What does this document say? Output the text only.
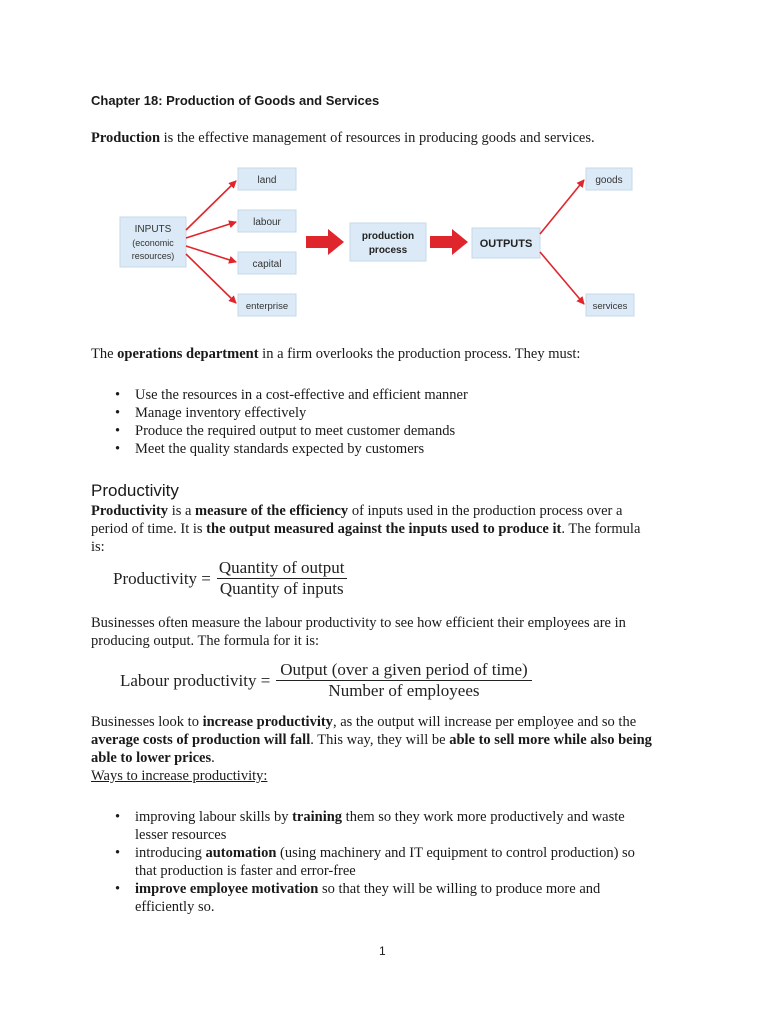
Chapter 18: Production of Goods and Services
Production is the effective management of resources in producing goods and services.
INPUTS
(economic
resources)
land
labour
capital
enterprise
production
process
OUTPUTS
goods
services
The operations department in a firm overlooks the production process. They must:
• Use the resources in a cost-effective and efficient manner
• Manage inventory effectively
• Produce the required output to meet customer demands
• Meet the quality standards expected by customers
Productivity
Productivity is a measure of the efficiency of inputs used in the production process over a
period of time. It is the output measured against the inputs used to produce it. The formula
is:
Productivity =
Quantity of output
Quantity of inputs
Businesses often measure the labour productivity to see how efficient their employees are in
producing output. The formula for it is:
Labour productivity =
Output (over a given period of time)
Number of employees
Businesses look to increase productivity, as the output will increase per employee and so the
average costs of production will fall. This way, they will be able to sell more while also being
able to lower prices.
Ways to increase productivity:
• improving labour skills by training them so they work more productively and waste
lesser resources
• introducing automation (using machinery and IT equipment to control production) so
that production is faster and error-free
• improve employee motivation so that they will be willing to produce more and
efficiently so.
1
